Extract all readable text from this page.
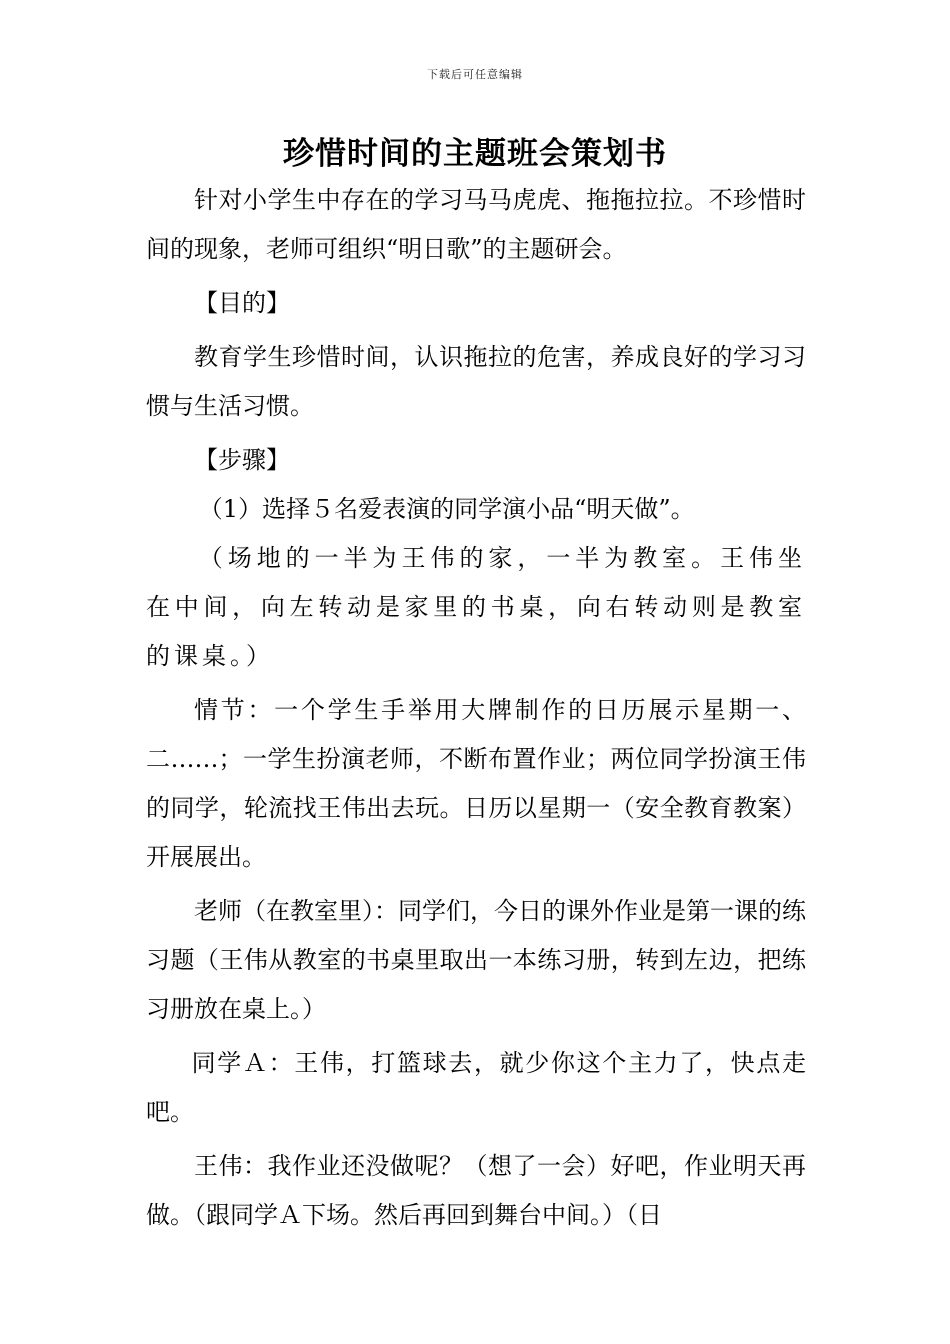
下载后可任意编辑
珍惜时间的主题班会策划书

针对小学生中存在的学习马马虎虎、拖拖拉拉。不珍惜时间的现象，老师可组织“明日歌”的主题研会。

【目的】

教育学生珍惜时间，认识拖拉的危害，养成良好的学习习惯与生活习惯。

【步骤】

（1）选择５名爱表演的同学演小品“明天做”。

（场地的一半为王伟的家，一半为教室。王伟坐在中间，向左转动是家里的书桌，向右转动则是教室的课桌。）

情节：一个学生手举用大牌制作的日历展示星期一、二……；一学生扮演老师，不断布置作业；两位同学扮演王伟的同学，轮流找王伟出去玩。日历以星期一（安全教育教案）开展展出。

老师（在教室里）：同学们，今日的课外作业是第一课的练习题（王伟从教室的书桌里取出一本练习册，转到左边，把练习册放在桌上。）

同学Ａ：王伟，打篮球去，就少你这个主力了，快点走吧。

王伟：我作业还没做呢？（想了一会）好吧，作业明天再做。（跟同学Ａ下场。然后再回到舞台中间。）（日
